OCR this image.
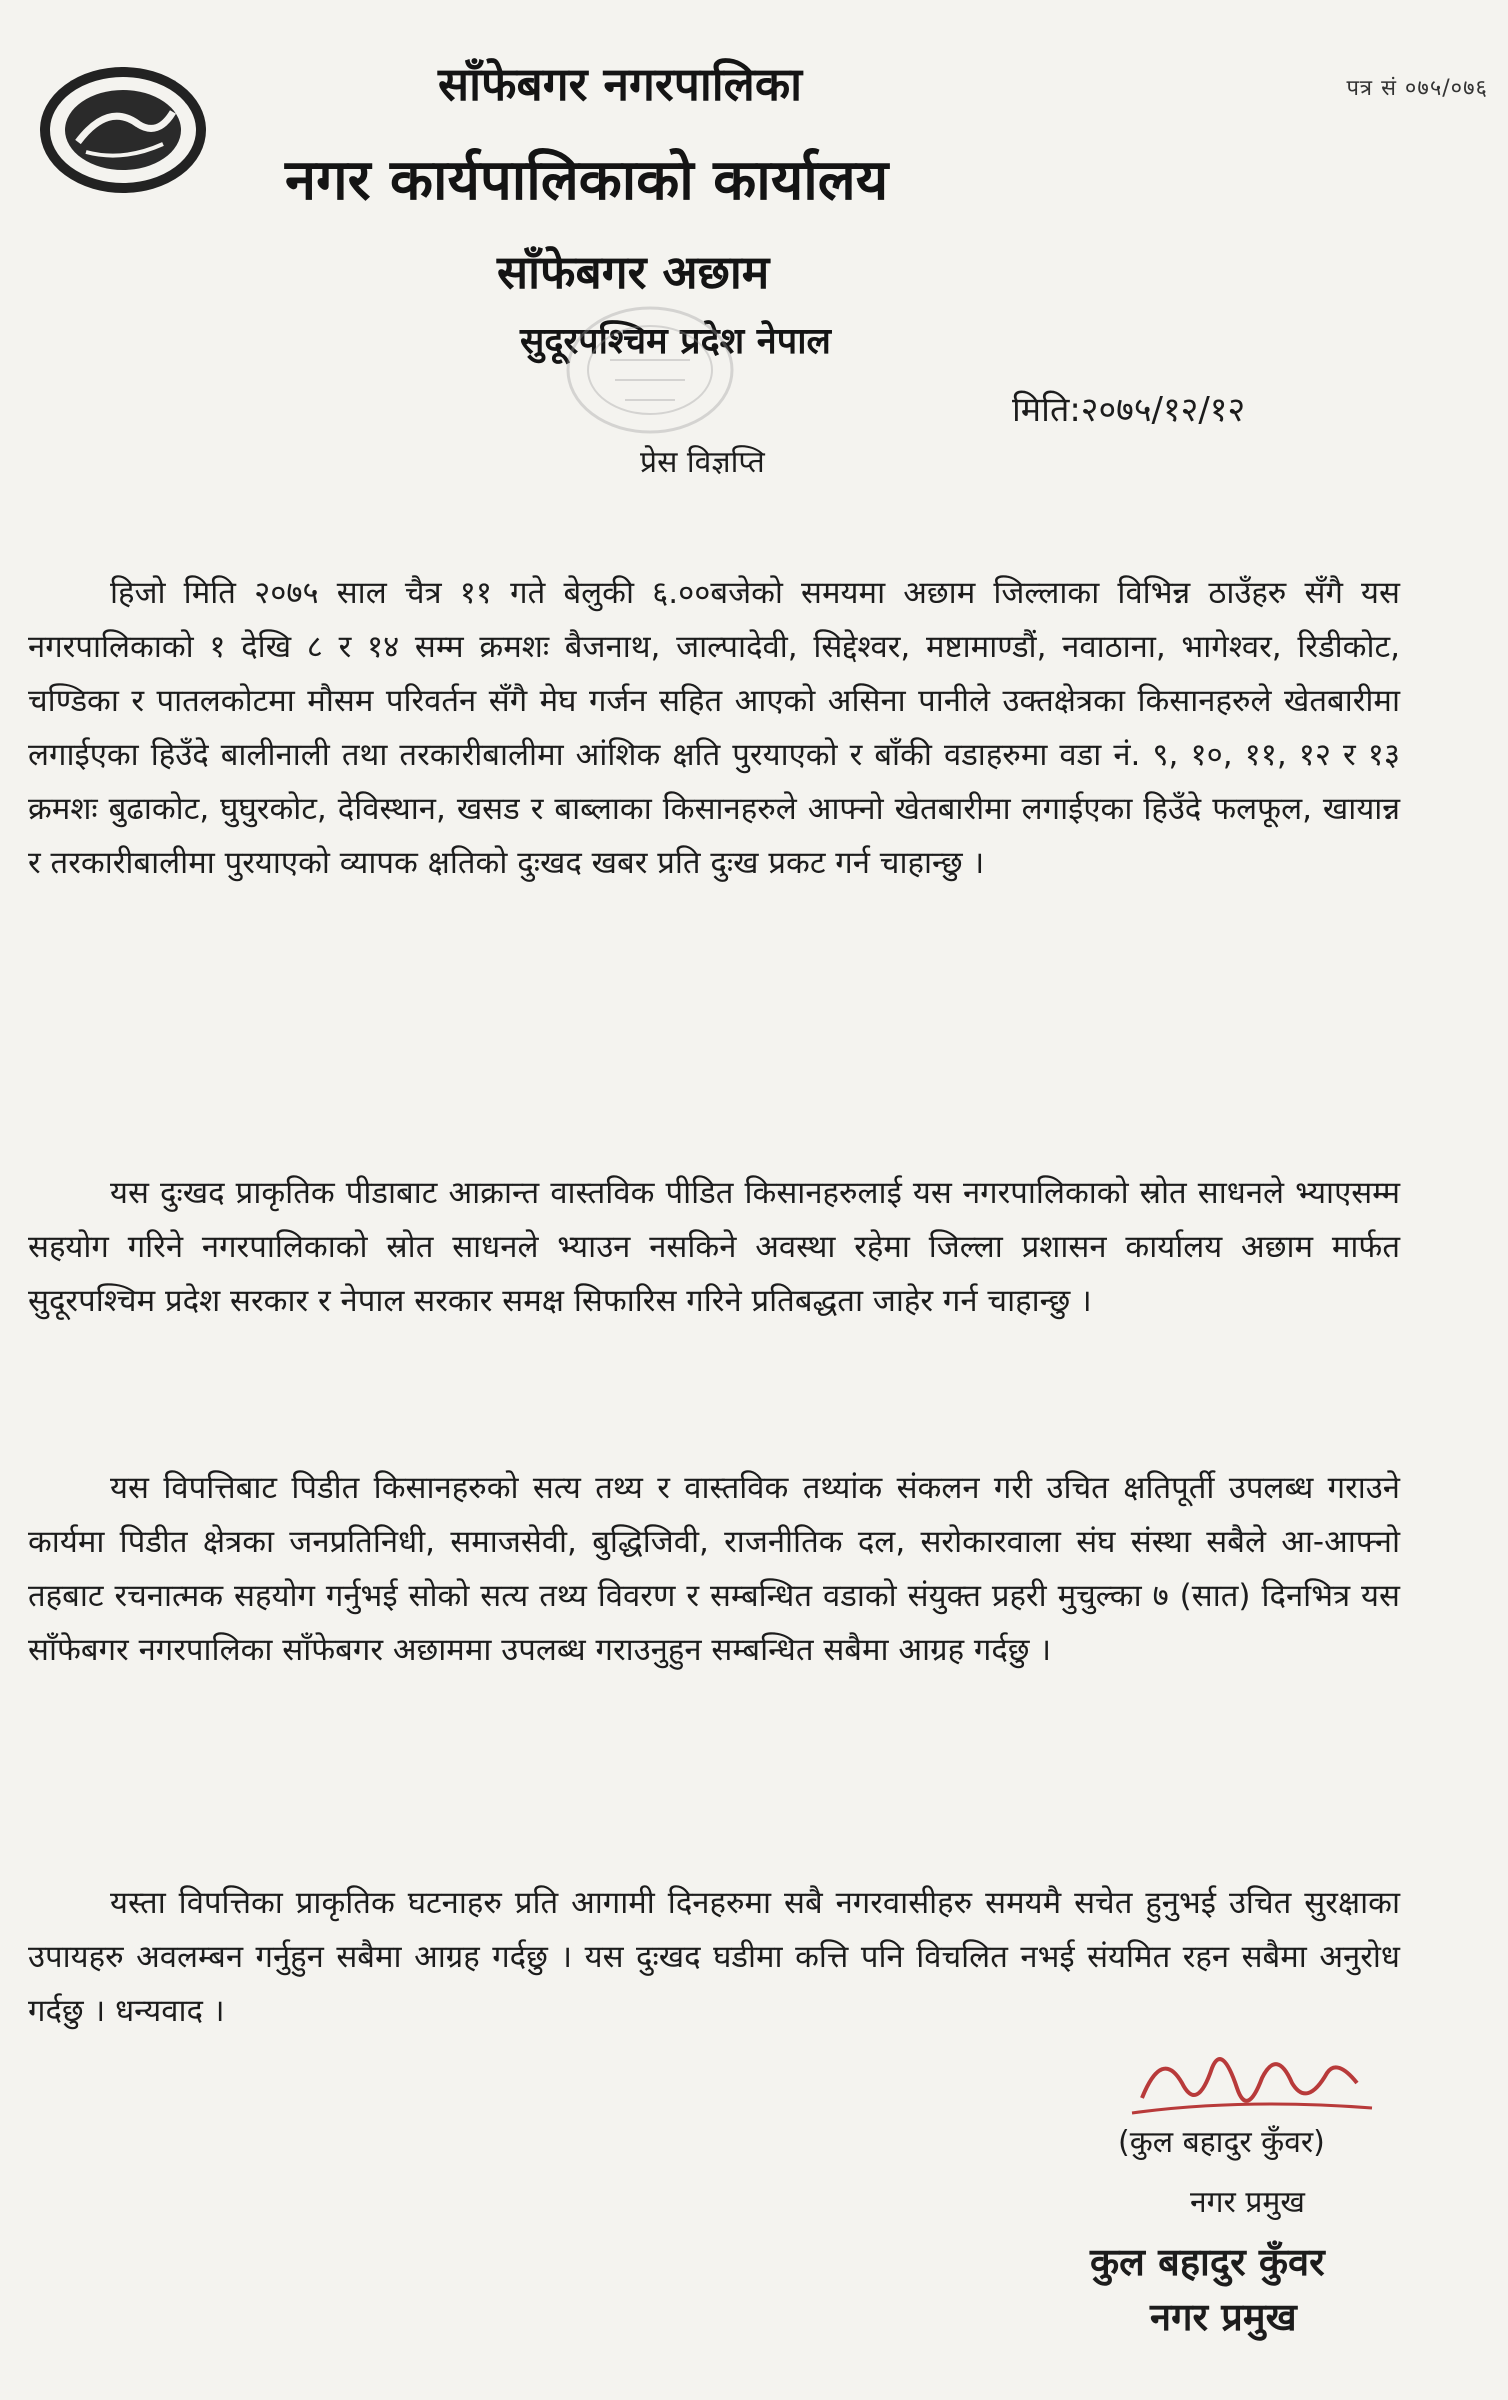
पत्र सं ०७५/०७६
साँफेबगर नगरपालिका
नगर कार्यपालिकाको कार्यालय
साँफेबगर अछाम
सुदूरपश्चिम प्रदेश नेपाल
मिति:२०७५/१२/१२
प्रेस विज्ञप्ति

हिजो मिति २०७५ साल चैत्र ११ गते बेलुकी ६.००बजेको समयमा अछाम जिल्लाका विभिन्न ठाउँहरु सँगै यस नगरपालिकाको १ देखि ८ र १४ सम्म क्रमशः बैजनाथ, जाल्पादेवी, सिद्देश्वर, मष्टामाण्डौं, नवाठाना, भागेश्वर, रिडीकोट, चण्डिका र पातलकोटमा मौसम परिवर्तन सँगै मेघ गर्जन सहित आएको असिना पानीले उक्तक्षेत्रका किसानहरुले खेतबारीमा लगाईएका हिउँदे बालीनाली तथा तरकारीबालीमा आंशिक क्षति पुरयाएको र बाँकी वडाहरुमा वडा नं. ९, १०, ११, १२ र १३ क्रमशः बुढाकोट, घुघुरकोट, देविस्थान, खसड र बाब्लाका किसानहरुले आफ्नो खेतबारीमा लगाईएका हिउँदे फलफूल, खायान्न र तरकारीबालीमा पुरयाएको व्यापक क्षतिको दुःखद खबर प्रति दुःख प्रकट गर्न चाहान्छु ।

यस दुःखद प्राकृतिक पीडाबाट आक्रान्त वास्तविक पीडित किसानहरुलाई यस नगरपालिकाको स्रोत साधनले भ्याएसम्म सहयोग गरिने नगरपालिकाको स्रोत साधनले भ्याउन नसकिने अवस्था रहेमा जिल्ला प्रशासन कार्यालय अछाम मार्फत सुदूरपश्चिम प्रदेश सरकार र नेपाल सरकार समक्ष सिफारिस गरिने प्रतिबद्धता जाहेर गर्न चाहान्छु ।

यस विपत्तिबाट पिडीत किसानहरुको सत्य तथ्य र वास्तविक तथ्यांक संकलन गरी उचित क्षतिपूर्ती उपलब्ध गराउने कार्यमा पिडीत क्षेत्रका जनप्रतिनिधी, समाजसेवी, बुद्धिजिवी, राजनीतिक दल, सरोकारवाला संघ संस्था सबैले आ-आफ्नो तहबाट रचनात्मक सहयोग गर्नुभई सोको सत्य तथ्य विवरण र सम्बन्धित वडाको संयुक्त प्रहरी मुचुल्का ७ (सात) दिनभित्र यस साँफेबगर नगरपालिका साँफेबगर अछाममा उपलब्ध गराउनुहुन सम्बन्धित सबैमा आग्रह गर्दछु ।

यस्ता विपत्तिका प्राकृतिक घटनाहरु प्रति आगामी दिनहरुमा सबै नगरवासीहरु समयमै सचेत हुनुभई उचित सुरक्षाका उपायहरु अवलम्बन गर्नुहुन सबैमा आग्रह गर्दछु । यस दुःखद घडीमा कत्ति पनि विचलित नभई संयमित रहन सबैमा अनुरोध गर्दछु । धन्यवाद ।

(कुल बहादुर कुँवर)
नगर प्रमुख
कुल बहादुर कुँवर
नगर प्रमुख
